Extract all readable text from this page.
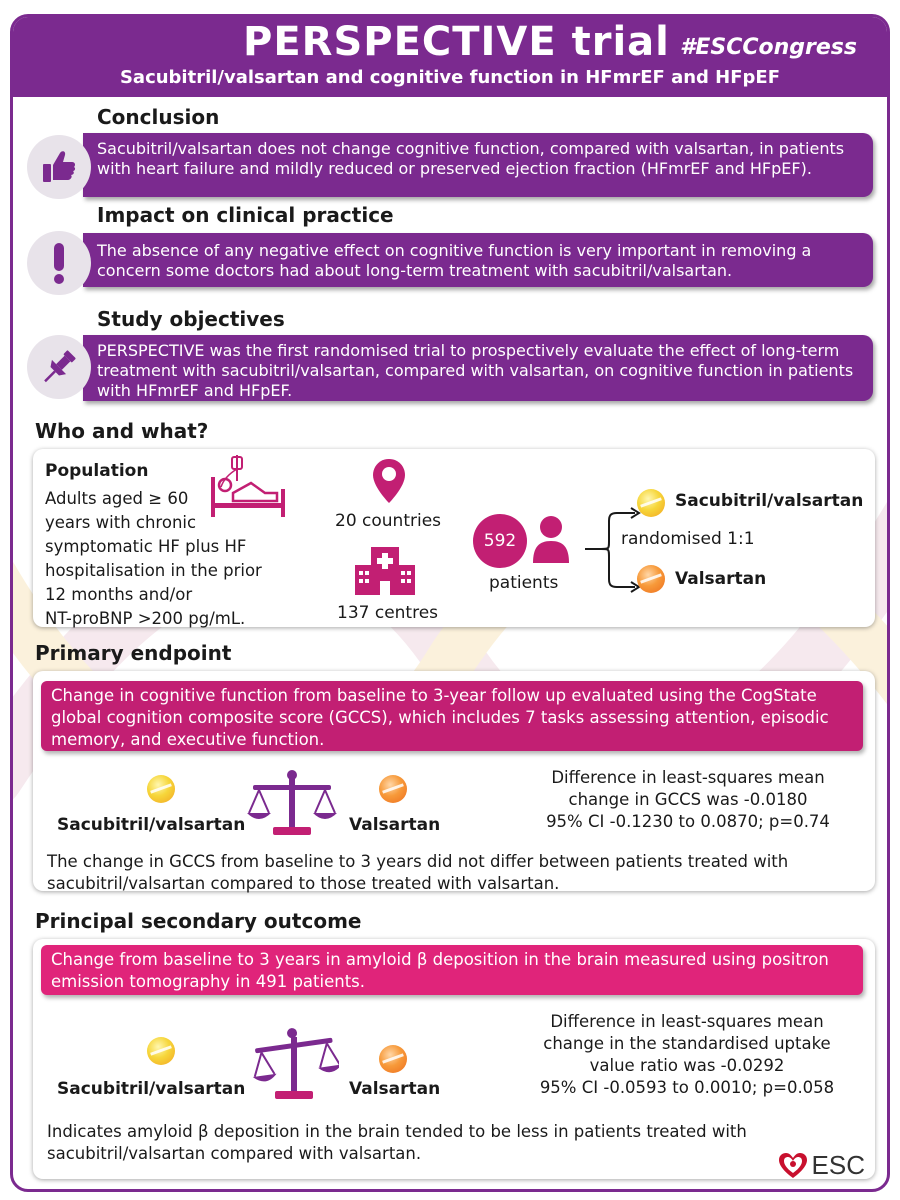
PERSPECTIVE trial #ESCCongress
Sacubitril/valsartan and cognitive function in HFmrEF and HFpEF
Conclusion
Sacubitril/valsartan does not change cognitive function, compared with valsartan, in patients with heart failure and mildly reduced or preserved ejection fraction (HFmrEF and HFpEF).
Impact on clinical practice
The absence of any negative effect on cognitive function is very important in removing a concern some doctors had about long-term treatment with sacubitril/valsartan.
Study objectives
PERSPECTIVE was the first randomised trial to prospectively evaluate the effect of long-term treatment with sacubitril/valsartan, compared with valsartan, on cognitive function in patients with HFmrEF and HFpEF.
Who and what?
Population
Adults aged ≥ 60
years with chronic
symptomatic HF plus HF
hospitalisation in the prior
12 months and/or
NT-proBNP >200 pg/mL.
20 countries
137 centres
592
patients
Sacubitril/valsartan
randomised 1:1
Valsartan
Primary endpoint
Change in cognitive function from baseline to 3-year follow up evaluated using the CogState global cognition composite score (GCCS), which includes 7 tasks assessing attention, episodic memory, and executive function.
Sacubitril/valsartan	Valsartan
Difference in least-squares mean
change in GCCS was -0.0180
95% CI -0.1230 to 0.0870; p=0.74
The change in GCCS from baseline to 3 years did not differ between patients treated with sacubitril/valsartan compared to those treated with valsartan.
Principal secondary outcome
Change from baseline to 3 years in amyloid β deposition in the brain measured using positron emission tomography in 491 patients.
Sacubitril/valsartan	Valsartan
Difference in least-squares mean
change in the standardised uptake
value ratio was -0.0292
95% CI -0.0593 to 0.0010; p=0.058
Indicates amyloid β deposition in the brain tended to be less in patients treated with sacubitril/valsartan compared with valsartan.	ESC
